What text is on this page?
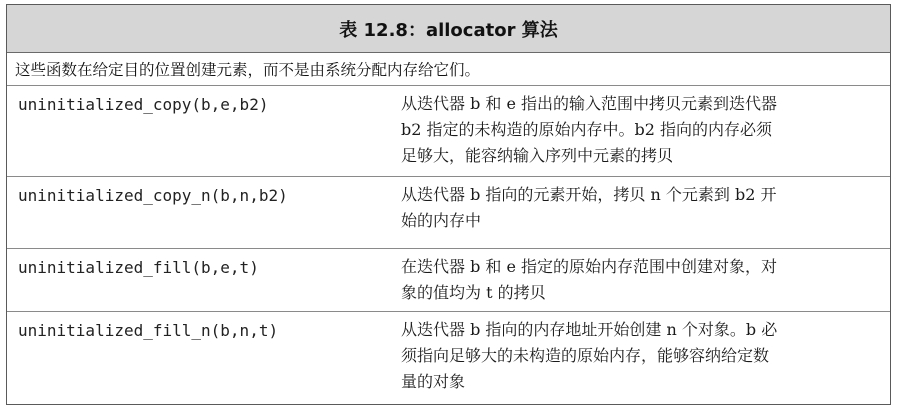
表 12.8：allocator 算法
这些函数在给定目的位置创建元素，而不是由系统分配内存给它们。
uninitialized_copy(b,e,b2)	从迭代器 b 和 e 指出的输入范围中拷贝元素到迭代器
b2 指定的未构造的原始内存中。b2 指向的内存必须
足够大，能容纳输入序列中元素的拷贝
uninitialized_copy_n(b,n,b2)	从迭代器 b 指向的元素开始，拷贝 n 个元素到 b2 开
始的内存中
uninitialized_fill(b,e,t)	在迭代器 b 和 e 指定的原始内存范围中创建对象，对
象的值均为 t 的拷贝
uninitialized_fill_n(b,n,t)	从迭代器 b 指向的内存地址开始创建 n 个对象。b 必
须指向足够大的未构造的原始内存，能够容纳给定数
量的对象
